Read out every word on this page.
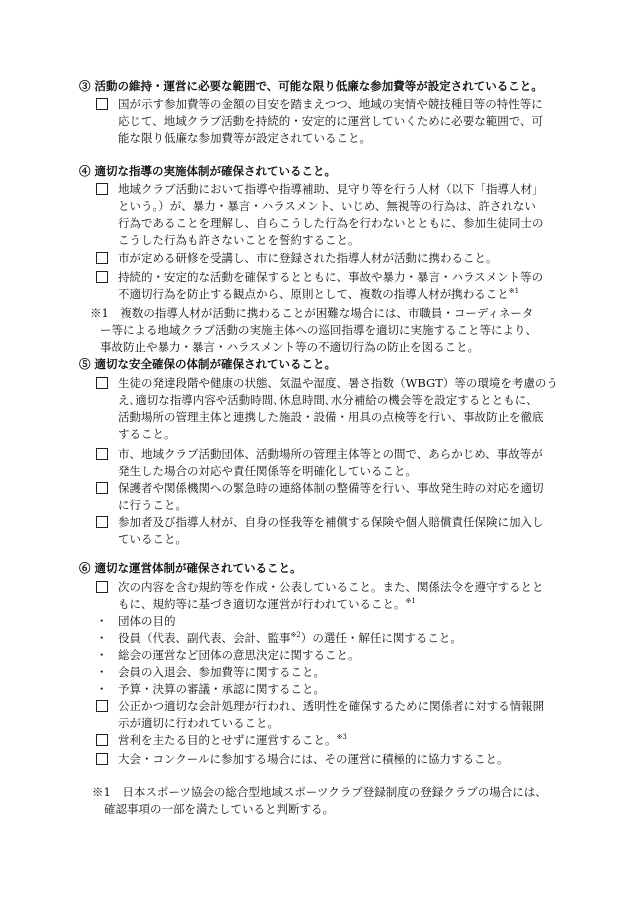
③ 活動の維持・運営に必要な範囲で、可能な限り低廉な参加費等が設定されていること。
国が示す参加費等の金額の目安を踏まえつつ、地域の実情や競技種目等の特性等に
応じて、地域クラブ活動を持続的・安定的に運営していくために必要な範囲で、可
能な限り低廉な参加費等が設定されていること。
④ 適切な指導の実施体制が確保されていること。
地域クラブ活動において指導や指導補助、見守り等を行う人材（以下「指導人材」
という。）が、暴力・暴言・ハラスメント、いじめ、無視等の行為は、許されない
行為であることを理解し、自らこうした行為を行わないとともに、参加生徒同士の
こうした行為も許さないことを誓約すること。
市が定める研修を受講し、市に登録された指導人材が活動に携わること。
持続的・安定的な活動を確保するとともに、事故や暴力・暴言・ハラスメント等の
不適切行為を防止する観点から、原則として、複数の指導人材が携わること$^{※1}$
※1　複数の指導人材が活動に携わることが困難な場合には、市職員・コーディネータ
ー等による地域クラブ活動の実施主体への巡回指導を適切に実施すること等により、
事故防止や暴力・暴言・ハラスメント等の不適切行為の防止を図ること。
⑤ 適切な安全確保の体制が確保されていること。
生徒の発達段階や健康の状態、気温や湿度、暑さ指数（WBGT）等の環境を考慮のう
え､適切な指導内容や活動時間､休息時間､水分補給の機会等を設定するとともに、
活動場所の管理主体と連携した施設・設備・用具の点検等を行い、事故防止を徹底
すること。
市、地域クラブ活動団体、活動場所の管理主体等との間で、あらかじめ、事故等が
発生した場合の対応や責任関係等を明確化していること。
保護者や関係機関への緊急時の連絡体制の整備等を行い、事故発生時の対応を適切
に行うこと。
参加者及び指導人材が、自身の怪我等を補償する保険や個人賠償責任保険に加入し
ていること。
⑥ 適切な運営体制が確保されていること。
次の内容を含む規約等を作成・公表していること。また、関係法令を遵守するとと
もに、規約等に基づき適切な運営が行われていること。$^{※1}$
・ 団体の目的
・ 役員（代表、副代表、会計、監事$^{※2}$）の選任・解任に関すること。
・ 総会の運営など団体の意思決定に関すること。
・ 会員の入退会、参加費等に関すること。
・ 予算・決算の審議・承認に関すること。
公正かつ適切な会計処理が行われ、透明性を確保するために関係者に対する情報開
示が適切に行われていること。
営利を主たる目的とせずに運営すること。$^{※3}$
大会・コンクールに参加する場合には、その運営に積極的に協力すること。
※1　日本スポーツ協会の総合型地域スポーツクラブ登録制度の登録クラブの場合には、
確認事項の一部を満たしていると判断する。
